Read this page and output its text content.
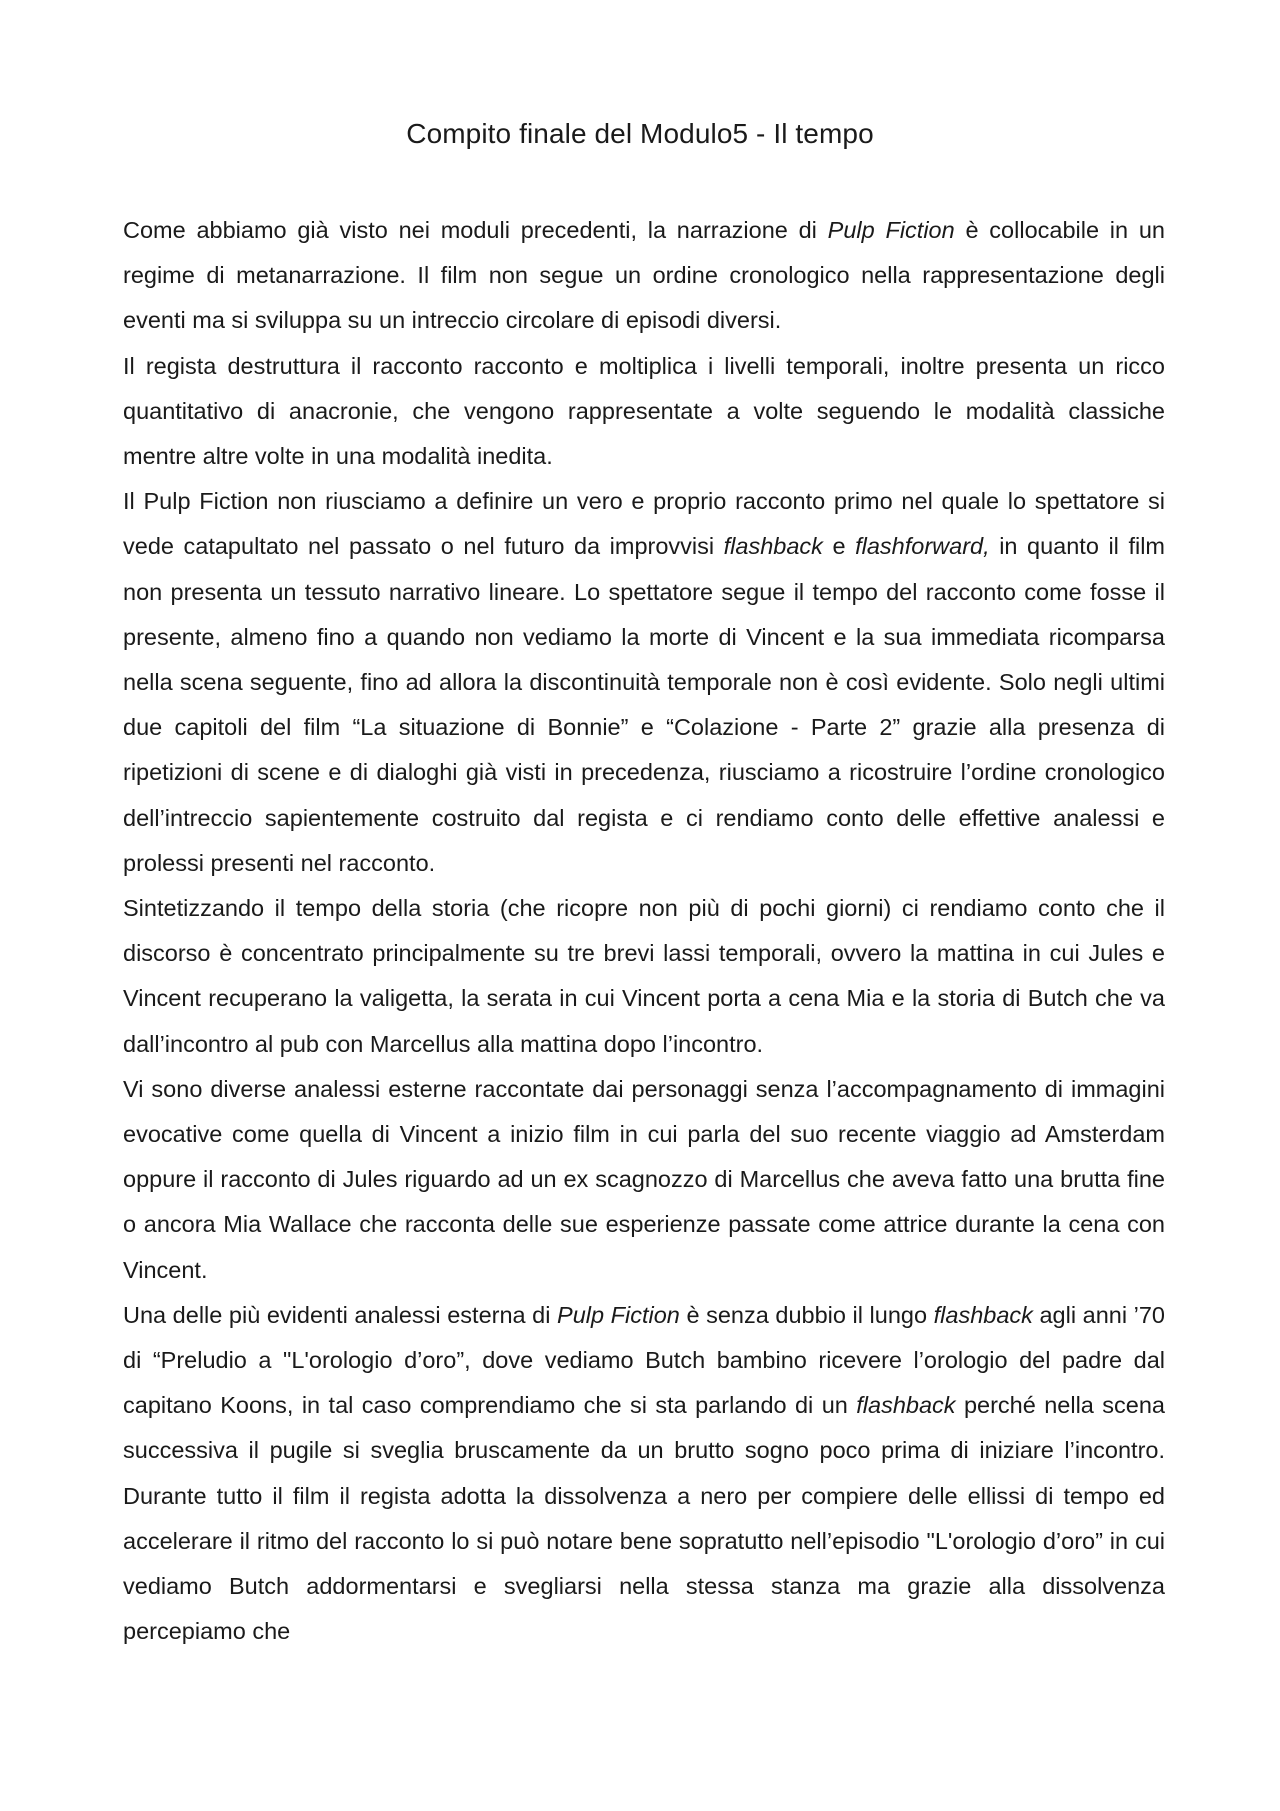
Compito finale del Modulo5 - Il tempo

Come abbiamo già visto nei moduli precedenti, la narrazione di Pulp Fiction è collocabile in un regime di metanarrazione. Il film non segue un ordine cronologico nella rappresentazione degli eventi ma si sviluppa su un intreccio circolare di episodi diversi.

Il regista destruttura il racconto racconto e moltiplica i livelli temporali, inoltre presenta un ricco quantitativo di anacronie, che vengono rappresentate a volte seguendo le modalità classiche mentre altre volte in una modalità inedita.

Il Pulp Fiction non riusciamo a definire un vero e proprio racconto primo nel quale lo spettatore si vede catapultato nel passato o nel futuro da improvvisi flashback e flashforward, in quanto il film non presenta un tessuto narrativo lineare. Lo spettatore segue il tempo del racconto come fosse il presente, almeno fino a quando non vediamo la morte di Vincent e la sua immediata ricomparsa nella scena seguente, fino ad allora la discontinuità temporale non è così evidente. Solo negli ultimi due capitoli del film “La situazione di Bonnie” e “Colazione - Parte 2” grazie alla presenza di ripetizioni di scene e di dialoghi già visti in precedenza, riusciamo a ricostruire l’ordine cronologico dell’intreccio sapientemente costruito dal regista e ci rendiamo conto delle effettive analessi e prolessi presenti nel racconto.

Sintetizzando il tempo della storia (che ricopre non più di pochi giorni) ci rendiamo conto che il discorso è concentrato principalmente su tre brevi lassi temporali, ovvero la mattina in cui Jules e Vincent recuperano la valigetta, la serata in cui Vincent porta a cena Mia e la storia di Butch che va dall’incontro al pub con Marcellus alla mattina dopo l’incontro.

Vi sono diverse analessi esterne raccontate dai personaggi senza l’accompagnamento di immagini evocative come quella di Vincent a inizio film in cui parla del suo recente viaggio ad Amsterdam oppure il racconto di Jules riguardo ad un ex scagnozzo di Marcellus che aveva fatto una brutta fine o ancora Mia Wallace che racconta delle sue esperienze passate come attrice durante la cena con Vincent.

Una delle più evidenti analessi esterna di Pulp Fiction è senza dubbio il lungo flashback agli anni ’70 di “Preludio a "L'orologio d’oro”, dove vediamo Butch bambino ricevere l’orologio del padre dal capitano Koons, in tal caso comprendiamo che si sta parlando di un flashback perché nella scena successiva il pugile si sveglia bruscamente da un brutto sogno poco prima di iniziare l’incontro. Durante tutto il film il regista adotta la dissolvenza a nero per compiere delle ellissi di tempo ed accelerare il ritmo del racconto lo si può notare bene sopratutto nell’episodio "L'orologio d’oro” in cui vediamo Butch addormentarsi e svegliarsi nella stessa stanza ma grazie alla dissolvenza percepiamo che
